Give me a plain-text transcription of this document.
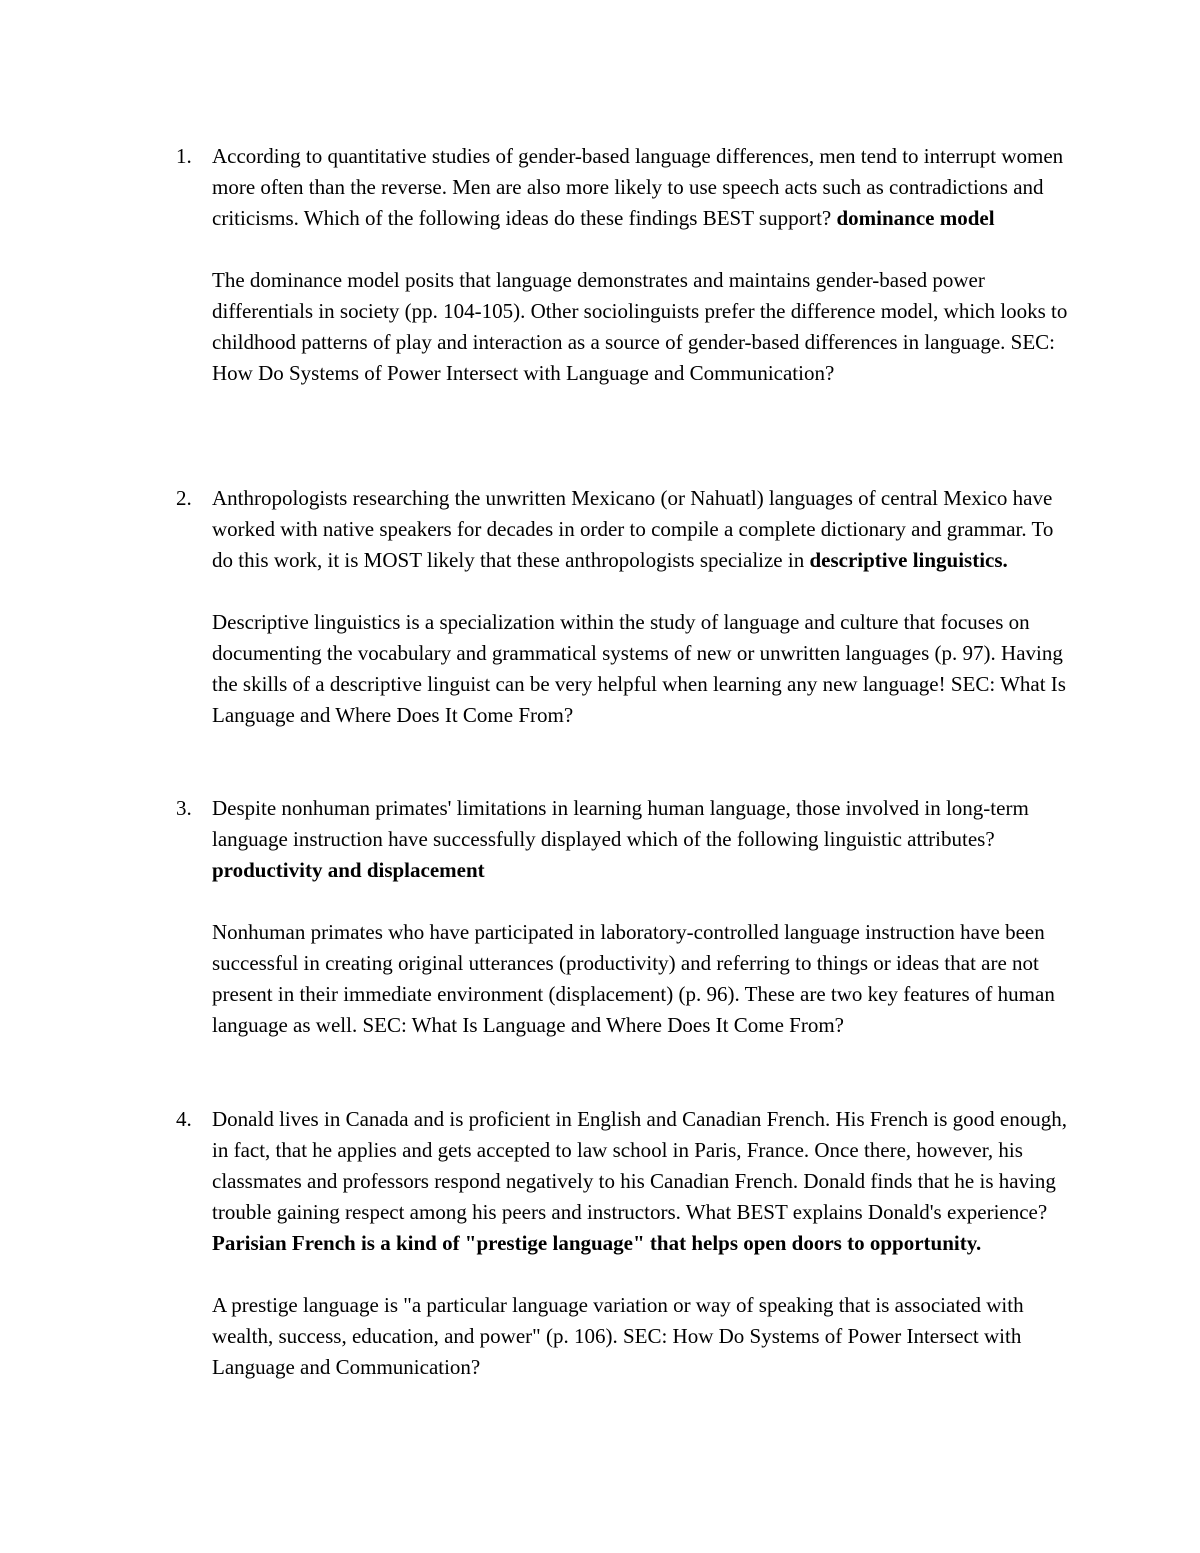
1. According to quantitative studies of gender-based language differences, men tend to interrupt women more often than the reverse. Men are also more likely to use speech acts such as contradictions and criticisms. Which of the following ideas do these findings BEST support? dominance model

The dominance model posits that language demonstrates and maintains gender-based power differentials in society (pp. 104-105). Other sociolinguists prefer the difference model, which looks to childhood patterns of play and interaction as a source of gender-based differences in language. SEC: How Do Systems of Power Intersect with Language and Communication?

2. Anthropologists researching the unwritten Mexicano (or Nahuatl) languages of central Mexico have worked with native speakers for decades in order to compile a complete dictionary and grammar. To do this work, it is MOST likely that these anthropologists specialize in descriptive linguistics.

Descriptive linguistics is a specialization within the study of language and culture that focuses on documenting the vocabulary and grammatical systems of new or unwritten languages (p. 97). Having the skills of a descriptive linguist can be very helpful when learning any new language! SEC: What Is Language and Where Does It Come From?

3. Despite nonhuman primates' limitations in learning human language, those involved in long-term language instruction have successfully displayed which of the following linguistic attributes? productivity and displacement

Nonhuman primates who have participated in laboratory-controlled language instruction have been successful in creating original utterances (productivity) and referring to things or ideas that are not present in their immediate environment (displacement) (p. 96). These are two key features of human language as well. SEC: What Is Language and Where Does It Come From?

4. Donald lives in Canada and is proficient in English and Canadian French. His French is good enough, in fact, that he applies and gets accepted to law school in Paris, France. Once there, however, his classmates and professors respond negatively to his Canadian French. Donald finds that he is having trouble gaining respect among his peers and instructors. What BEST explains Donald's experience? Parisian French is a kind of "prestige language" that helps open doors to opportunity.

A prestige language is "a particular language variation or way of speaking that is associated with wealth, success, education, and power" (p. 106). SEC: How Do Systems of Power Intersect with Language and Communication?
